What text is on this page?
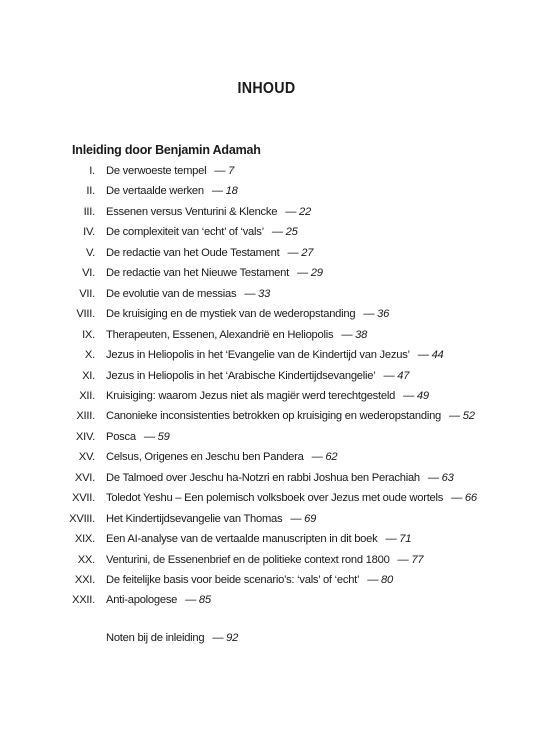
INHOUD
Inleiding door Benjamin Adamah
I. De verwoeste tempel — 7
II. De vertaalde werken — 18
III. Essenen versus Venturini & Klencke — 22
IV. De complexiteit van ‘echt’ of ‘vals’ — 25
V. De redactie van het Oude Testament — 27
VI. De redactie van het Nieuwe Testament — 29
VII. De evolutie van de messias — 33
VIII. De kruisiging en de mystiek van de wederopstanding — 36
IX. Therapeuten, Essenen, Alexandrië en Heliopolis — 38
X. Jezus in Heliopolis in het ‘Evangelie van de Kindertijd van Jezus’ — 44
XI. Jezus in Heliopolis in het ‘Arabische Kindertijdsevangelie’ — 47
XII. Kruisiging: waarom Jezus niet als magiër werd terechtgesteld — 49
XIII. Canonieke inconsistenties betrokken op kruisiging en wederopstanding — 52
XIV. Posca — 59
XV. Celsus, Origenes en Jeschu ben Pandera — 62
XVI. De Talmoed over Jeschu ha-Notzri en rabbi Joshua ben Perachiah — 63
XVII. Toledot Yeshu – Een polemisch volksboek over Jezus met oude wortels — 66
XVIII. Het Kindertijdsevangelie van Thomas — 69
XIX. Een AI-analyse van de vertaalde manuscripten in dit boek — 71
XX. Venturini, de Essenenbrief en de politieke context rond 1800 — 77
XXI. De feitelijke basis voor beide scenario’s: ‘vals’ of ‘echt’ — 80
XXII. Anti-apologese — 85
Noten bij de inleiding — 92
